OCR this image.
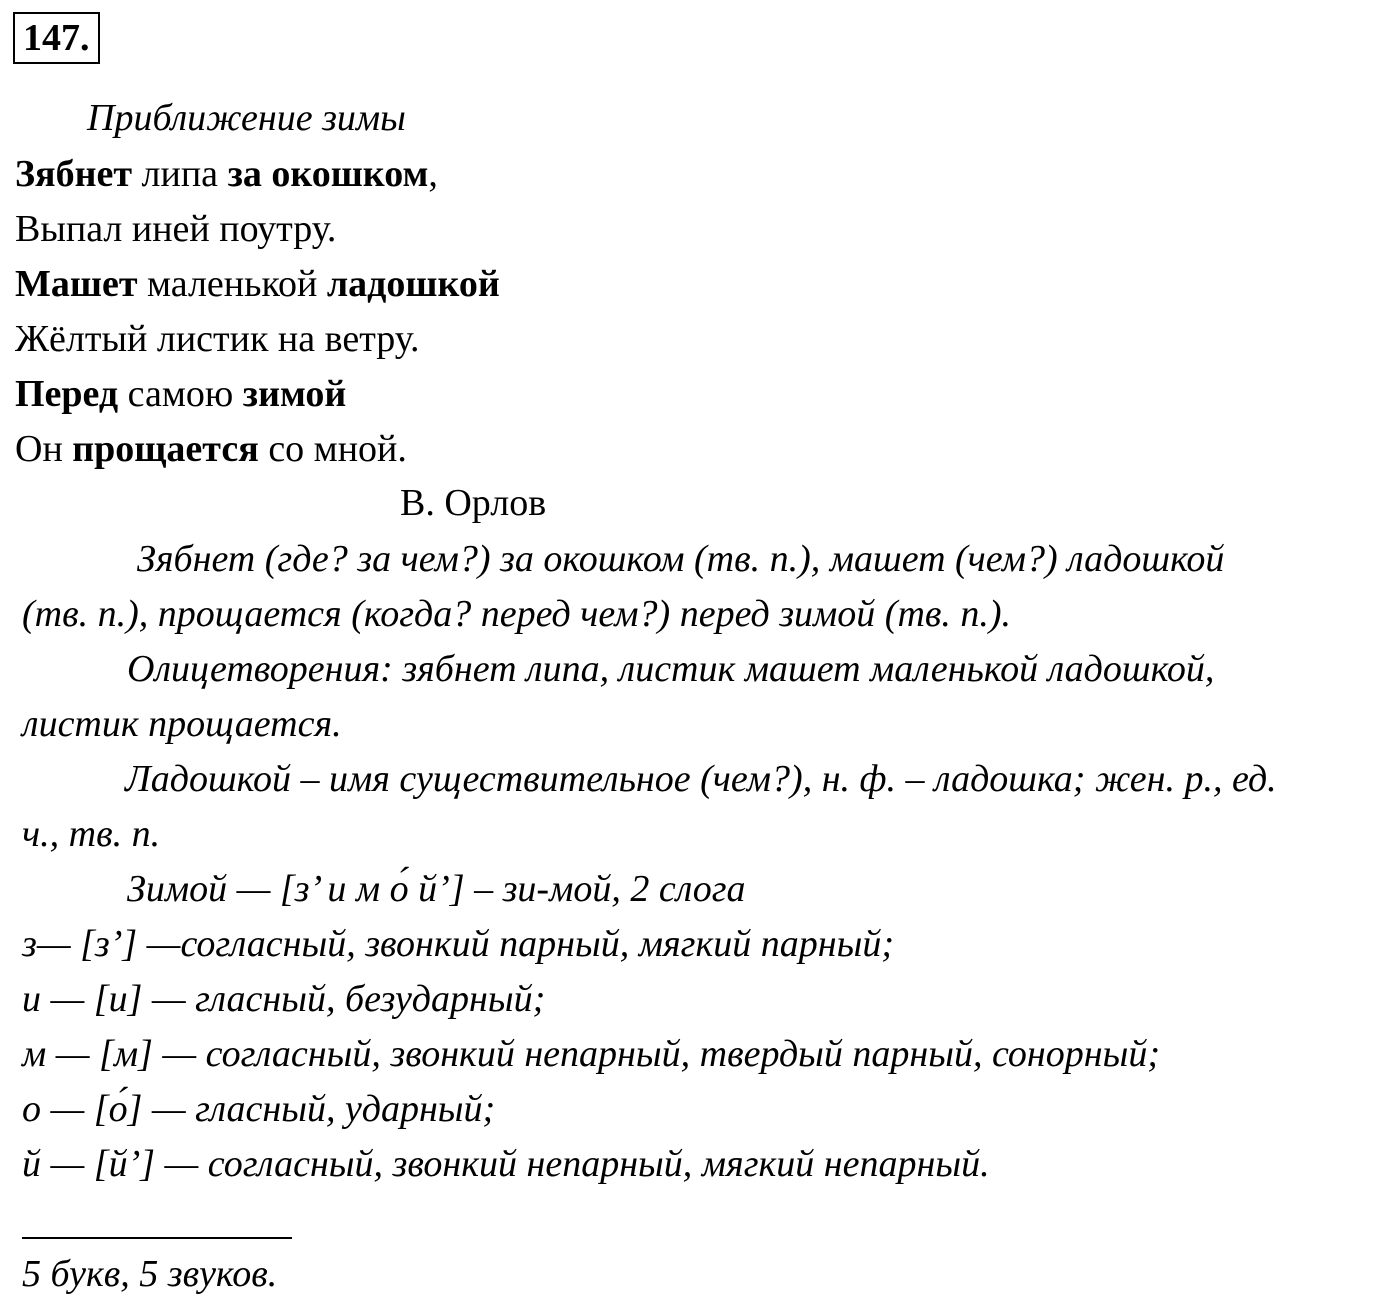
147.
Приближение зимы
Зябнет липа за окошком,
Выпал иней поутру.
Машет маленькой ладошкой
Жёлтый листик на ветру.
Перед самою зимой
Он прощается со мной.
В. Орлов
Зябнет (где? за чем?) за окошком (тв. п.), машет (чем?) ладошкой
(тв. п.), прощается (когда? перед чем?) перед зимой (тв. п.).
Олицетворения: зябнет липа, листик машет маленькой ладошкой,
листик прощается.
Ладошкой – имя существительное (чем?), н. ф. – ладошка; жен. р., ед.
ч., тв. п.
Зимой — [з’ и м о́ й’] – зи-мой, 2 слога
з— [з’] —согласный, звонкий парный, мягкий парный;
и — [и] — гласный, безударный;
м — [м] — согласный, звонкий непарный, твердый парный, сонорный;
о — [о́] — гласный, ударный;
й — [й’] — согласный, звонкий непарный, мягкий непарный.
5 букв, 5 звуков.
